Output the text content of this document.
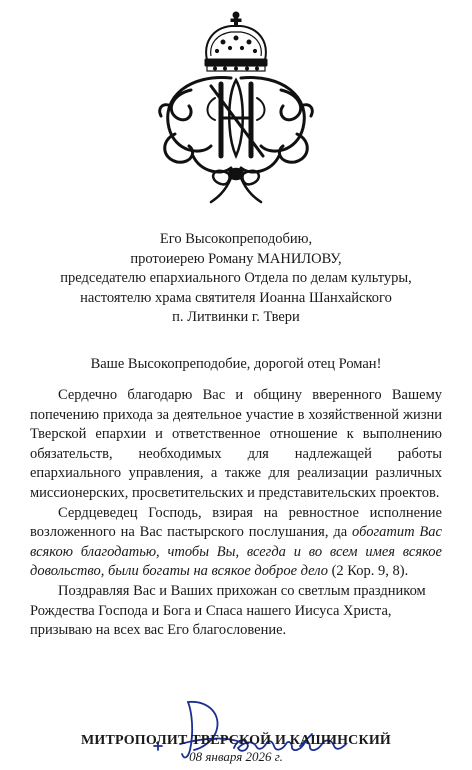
Его Высокопреподобию,
протоиерею Роману МАНИЛОВУ,
председателю епархиального Отдела по делам культуры,
настоятелю храма святителя Иоанна Шанхайского
п. Литвинки г. Твери
Ваше Высокопреподобие, дорогой отец Роман!

Сердечно благодарю Вас и общину вверенного Вашему попечению прихода за деятельное участие в хозяйственной жизни Тверской епархии и ответственное отношение к выполнению обязательств, необходимых для надлежащей работы епархиального управления, а также для реализации различных миссионерских, просветительских и представительских проектов.

Сердцеведец Господь, взирая на ревностное исполнение возложенного на Вас пастырского послушания, да обогатит Вас всякою благодатью, чтобы Вы, всегда и во всем имея всякое довольство, были богаты на всякое доброе дело (2 Кор. 9, 8).

Поздравляя Вас и Ваших прихожан со светлым праздником Рождества Господа и Бога и Спаса нашего Иисуса Христа, призываю на всех вас Его благословение.

МИТРОПОЛИТ ТВЕРСКОЙ И КАШИНСКИЙ
08 января 2026 г.
